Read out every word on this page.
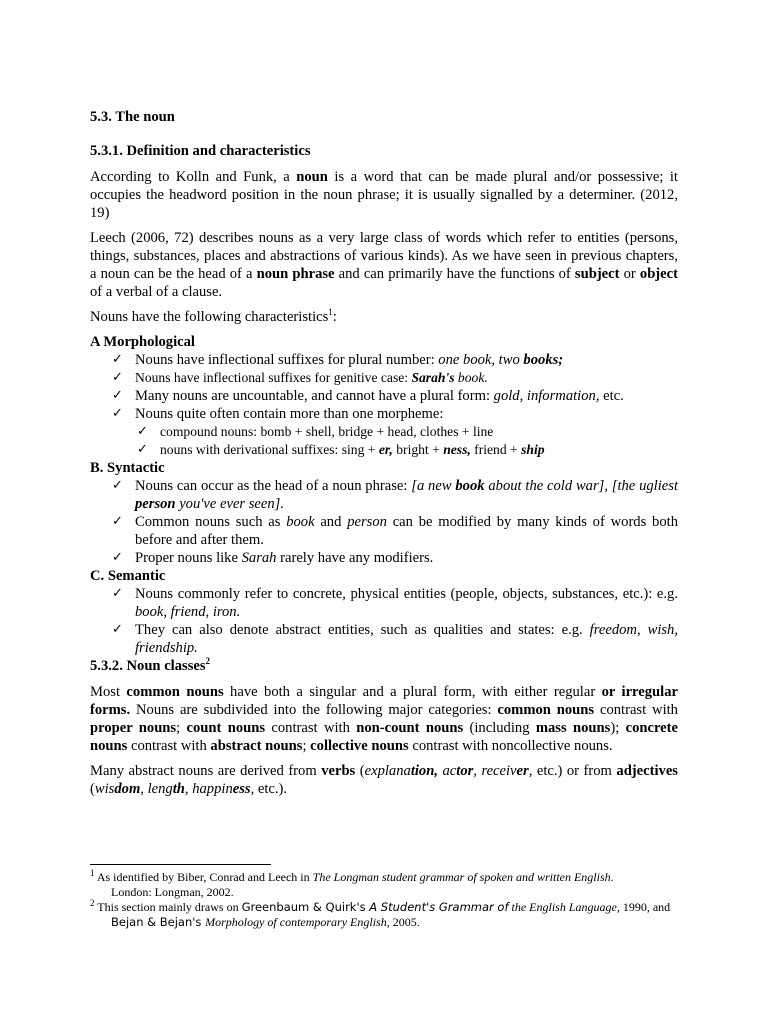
5.3. The noun
5.3.1. Definition and characteristics

According to Kolln and Funk, a noun is a word that can be made plural and/or possessive; it occupies the headword position in the noun phrase; it is usually signalled by a determiner. (2012, 19)

Leech (2006, 72) describes nouns as a very large class of words which refer to entities (persons, things, substances, places and abstractions of various kinds). As we have seen in previous chapters, a noun can be the head of a noun phrase and can primarily have the functions of subject or object of a verbal of a clause.

Nouns have the following characteristics$^1$:

A Morphological
✓ Nouns have inflectional suffixes for plural number: one book, two books;
✓ Nouns have inflectional suffixes for genitive case: Sarah's book.
✓ Many nouns are uncountable, and cannot have a plural form: gold, information, etc.
✓ Nouns quite often contain more than one morpheme:
✓ compound nouns: bomb + shell, bridge + head, clothes + line
✓ nouns with derivational suffixes: sing + er, bright + ness, friend + ship
B. Syntactic
✓ Nouns can occur as the head of a noun phrase: [a new book about the cold war], [the ugliest person you've ever seen].
✓ Common nouns such as book and person can be modified by many kinds of words both before and after them.
✓ Proper nouns like Sarah rarely have any modifiers.
C. Semantic
✓ Nouns commonly refer to concrete, physical entities (people, objects, substances, etc.): e.g. book, friend, iron.
✓ They can also denote abstract entities, such as qualities and states: e.g. freedom, wish, friendship.
5.3.2. Noun classes$^2$

Most common nouns have both a singular and a plural form, with either regular or irregular forms. Nouns are subdivided into the following major categories: common nouns contrast with proper nouns; count nouns contrast with non-count nouns (including mass nouns); concrete nouns contrast with abstract nouns; collective nouns contrast with noncollective nouns.

Many abstract nouns are derived from verbs (explanation, actor, receiver, etc.) or from adjectives (wisdom, length, happiness, etc.).

$^1$ As identified by Biber, Conrad and Leech in The Longman student grammar of spoken and written English.
London: Longman, 2002.
$^2$ This section mainly draws on Greenbaum & Quirk's A Student's Grammar of the English Language, 1990, and
Bejan & Bejan's Morphology of contemporary English, 2005.
